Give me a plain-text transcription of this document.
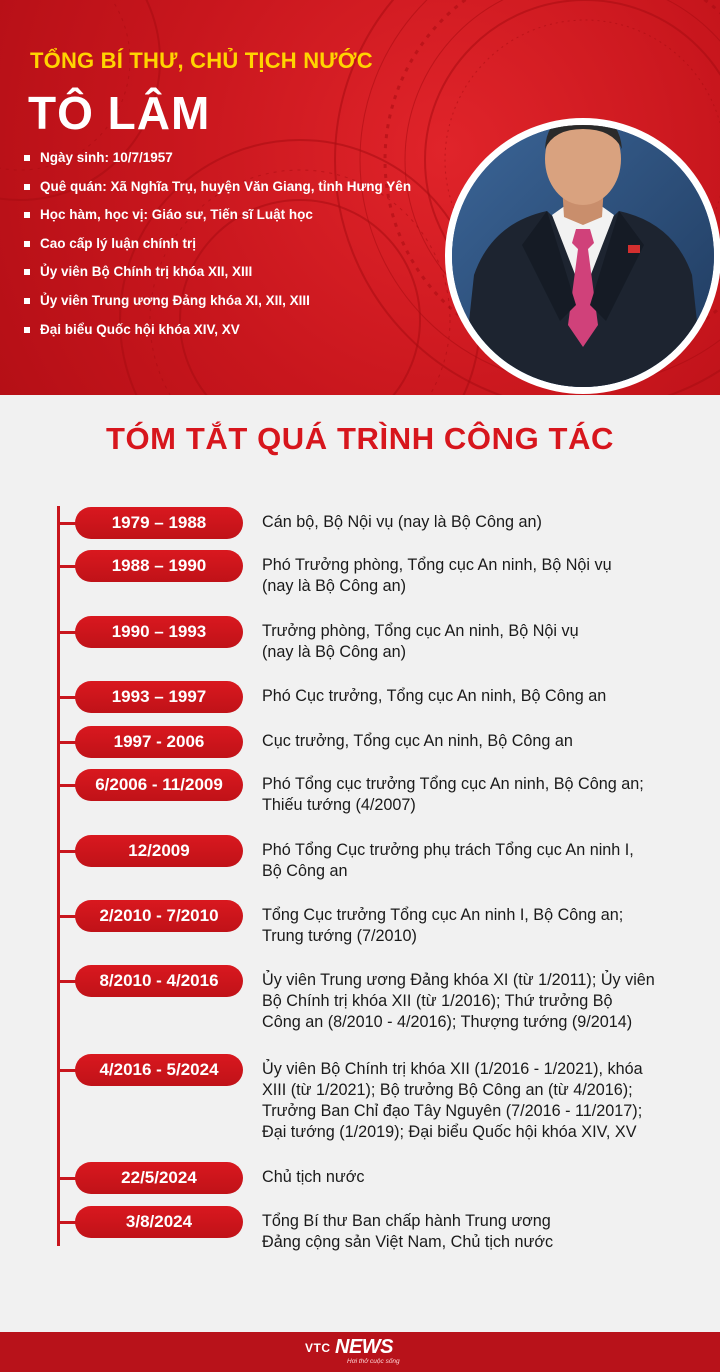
TỔNG BÍ THƯ, CHỦ TỊCH NƯỚC
TÔ LÂM
Ngày sinh: 10/7/1957
Quê quán: Xã Nghĩa Trụ, huyện Văn Giang, tỉnh Hưng Yên
Học hàm, học vị: Giáo sư, Tiến sĩ Luật học
Cao cấp lý luận chính trị
Ủy viên Bộ Chính trị khóa XII, XIII
Ủy viên Trung ương Đảng khóa XI, XII, XIII
Đại biểu Quốc hội khóa XIV, XV
TÓM TẮT QUÁ TRÌNH CÔNG TÁC
1979 – 1988	Cán bộ, Bộ Nội vụ (nay là Bộ Công an)
1988 – 1990	Phó Trưởng phòng, Tổng cục An ninh, Bộ Nội vụ
(nay là Bộ Công an)
1990 – 1993	Trưởng phòng, Tổng cục An ninh, Bộ Nội vụ
(nay là Bộ Công an)
1993 – 1997	Phó Cục trưởng, Tổng cục An ninh, Bộ Công an
1997 - 2006	Cục trưởng, Tổng cục An ninh, Bộ Công an
6/2006 - 11/2009	Phó Tổng cục trưởng Tổng cục An ninh, Bộ Công an;
Thiếu tướng (4/2007)
12/2009	Phó Tổng Cục trưởng phụ trách Tổng cục An ninh I,
Bộ Công an
2/2010 - 7/2010	Tổng Cục trưởng Tổng cục An ninh I, Bộ Công an;
Trung tướng (7/2010)
8/2010 - 4/2016	Ủy viên Trung ương Đảng khóa XI (từ 1/2011); Ủy viên
Bộ Chính trị khóa XII (từ 1/2016); Thứ trưởng Bộ
Công an (8/2010 - 4/2016); Thượng tướng (9/2014)
4/2016 - 5/2024	Ủy viên Bộ Chính trị khóa XII (1/2016 - 1/2021), khóa
XIII (từ 1/2021); Bộ trưởng Bộ Công an (từ 4/2016);
Trưởng Ban Chỉ đạo Tây Nguyên (7/2016 - 11/2017);
Đại tướng (1/2019); Đại biểu Quốc hội khóa XIV, XV
22/5/2024	Chủ tịch nước
3/8/2024	Tổng Bí thư Ban chấp hành Trung ương
Đảng cộng sản Việt Nam, Chủ tịch nước
VTC NEWS
Hơi thở cuộc sống
